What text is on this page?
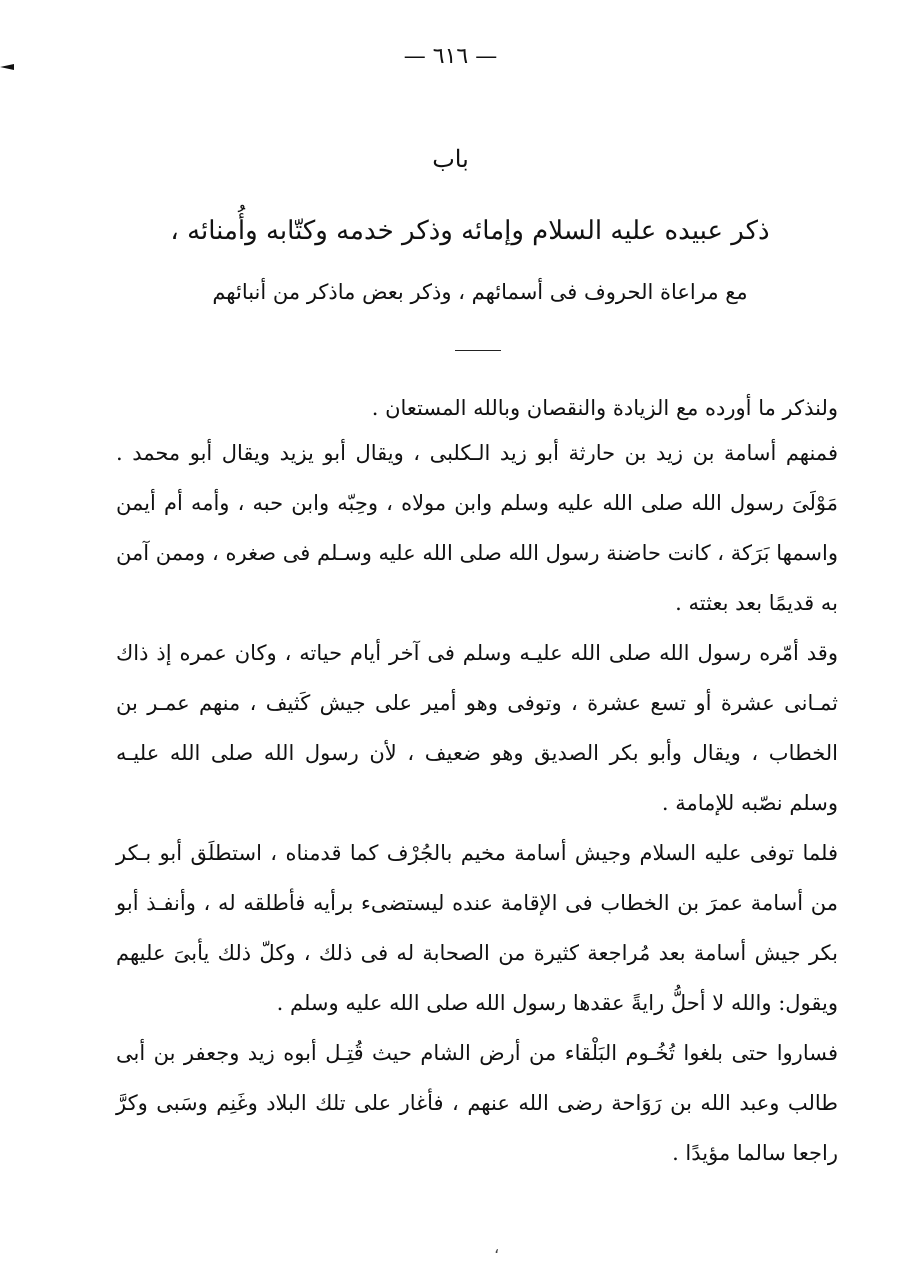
— ٦١٦ —
باب
ذكر عبيده عليه السلام وإمائه وذكر خدمه وكتّابه وأُمنائه ،
مع مراعاة الحروف فى أسمائهم ، وذكر بعض ماذكر من أنبائهم

ولنذكر ما أورده مع الزيادة والنقصان وبالله المستعان .

فمنهم أسامة بن زيد بن حارثة أبو زيد الـكلبى ، ويقال أبو يزيد ويقال أبو محمد . مَوْلَىَ رسول الله صلى الله عليه وسلم وابن مولاه ، وحِبّه وابن حبه ، وأمه أم أيمن واسمها بَرَكة ، كانت حاضنة رسول الله صلى الله عليه وسـلم فى صغره ، وممن آمن به قديمًا بعد بعثته .

وقد أمّره رسول الله صلى الله عليـه وسلم فى آخر أيام حياته ، وكان عمره إذ ذاك ثمـانى عشرة أو تسع عشرة ، وتوفى وهو أمير على جيش كَثيف ، منهم عمـر بن الخطاب ، ويقال وأبو بكر الصديق وهو ضعيف ، لأن رسول الله صلى الله عليـه وسلم نصّبه للإمامة .

فلما توفى عليه السلام وجيش أسامة مخيم بالجُرْف كما قدمناه ، استطلَق أبو بـكر من أسامة عمرَ بن الخطاب فى الإقامة عنده ليستضىء برأيه فأطلقه له ، وأنفـذ أبو بكر جيش أسامة بعد مُراجعة كثيرة من الصحابة له فى ذلك ، وكلّ ذلك يأبىَ عليهم ويقول: والله لا أحلُّ رايةً عقدها رسول الله صلى الله عليه وسلم .

فساروا حتى بلغوا تُخُـوم البَلْقاء من أرض الشام حيث قُتِـل أبوه زيد وجعفر بن أبى طالب وعبد الله بن رَوَاحة رضى الله عنهم ، فأغار على تلك البلاد وغَنِم وسَبى وكرَّ راجعا سالما مؤيدًا .

،
